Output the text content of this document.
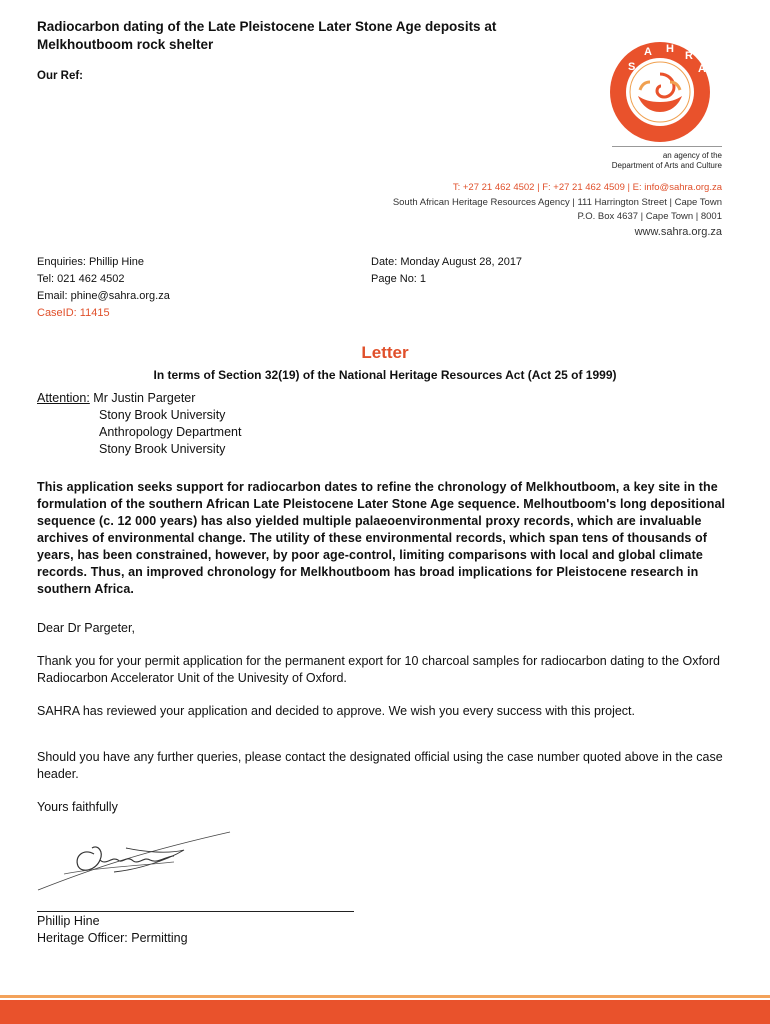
Radiocarbon dating of the Late Pleistocene Later Stone Age deposits at
Melkhoutboom rock shelter
Our Ref:
S
A H
R
A
an agency of the
Department of Arts and Culture
T: +27 21 462 4502 | F: +27 21 462 4509 | E: info@sahra.org.za
South African Heritage Resources Agency | 111 Harrington Street | Cape Town
P.O. Box 4637 | Cape Town | 8001
www.sahra.org.za
Enquiries: Phillip Hine
Tel: 021 462 4502
Email: phine@sahra.org.za
CaseID: 11415
Date: Monday August 28, 2017
Page No: 1
Letter
In terms of Section 32(19) of the National Heritage Resources Act (Act 25 of 1999)
Attention: Mr Justin Pargeter
Stony Brook University
Anthropology Department
Stony Brook University
This application seeks support for radiocarbon dates to refine the chronology of Melkhoutboom, a key site in the formulation of the southern African Late Pleistocene Later Stone Age sequence. Melhoutboom's long depositional sequence (c. 12 000 years) has also yielded multiple palaeoenvironmental proxy records, which are invaluable archives of environmental change. The utility of these environmental records, which span tens of thousands of years, has been constrained, however, by poor age-control, limiting comparisons with local and global climate records. Thus, an improved chronology for Melkhoutboom has broad implications for Pleistocene research in southern Africa.
Dear Dr Pargeter,
Thank you for your permit application for the permanent export for 10 charcoal samples for radiocarbon dating to the Oxford Radiocarbon Accelerator Unit of the Univesity of Oxford.
SAHRA has reviewed your application and decided to approve. We wish you every success with this project.
Should you have any further queries, please contact the designated official using the case number quoted above in the case header.
Yours faithfully
Phillip Hine
Heritage Officer: Permitting
